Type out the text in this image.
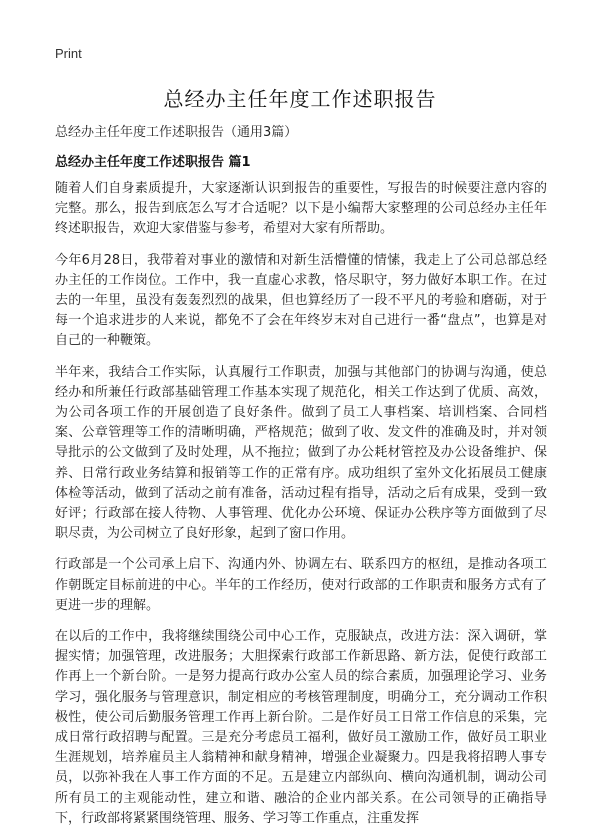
Print
总经办主任年度工作述职报告
总经办主任年度工作述职报告（通用3篇）
总经办主任年度工作述职报告 篇1

随着人们自身素质提升，大家逐渐认识到报告的重要性，写报告的时候要注意内容的完整。那么，报告到底怎么写才合适呢？以下是小编帮大家整理的公司总经办主任年终述职报告，欢迎大家借鉴与参考，希望对大家有所帮助。

今年6月28日，我带着对事业的激情和对新生活懵懂的情愫，我走上了公司总部总经办主任的工作岗位。工作中，我一直虚心求教，恪尽职守，努力做好本职工作。在过去的一年里，虽没有轰轰烈烈的战果，但也算经历了一段不平凡的考验和磨砺，对于每一个追求进步的人来说，都免不了会在年终岁末对自己进行一番“盘点”，也算是对自己的一种鞭策。

半年来，我结合工作实际，认真履行工作职责，加强与其他部门的协调与沟通，使总经办和所兼任行政部基础管理工作基本实现了规范化，相关工作达到了优质、高效，为公司各项工作的开展创造了良好条件。做到了员工人事档案、培训档案、合同档案、公章管理等工作的清晰明确，严格规范；做到了收、发文件的准确及时，并对领导批示的公文做到了及时处理，从不拖拉；做到了办公耗材管控及办公设备维护、保养、日常行政业务结算和报销等工作的正常有序。成功组织了室外文化拓展员工健康体检等活动，做到了活动之前有准备，活动过程有指导，活动之后有成果，受到一致好评；行政部在接人待物、人事管理、优化办公环境、保证办公秩序等方面做到了尽职尽责，为公司树立了良好形象，起到了窗口作用。

行政部是一个公司承上启下、沟通内外、协调左右、联系四方的枢纽，是推动各项工作朝既定目标前进的中心。半年的工作经历，使对行政部的工作职责和服务方式有了更进一步的理解。

在以后的工作中，我将继续围绕公司中心工作，克服缺点，改进方法：深入调研，掌握实情；加强管理，改进服务；大胆探索行政部工作新思路、新方法，促使行政部工作再上一个新台阶。一是努力提高行政办公室人员的综合素质，加强理论学习、业务学习，强化服务与管理意识，制定相应的考核管理制度，明确分工，充分调动工作积极性，使公司后勤服务管理工作再上新台阶。二是作好员工日常工作信息的采集，完成日常行政招聘与配置。三是充分考虑员工福利，做好员工激励工作，做好员工职业生涯规划，培养雇员主人翁精神和献身精神，增强企业凝聚力。四是我将招聘人事专员，以弥补我在人事工作方面的不足。五是建立内部纵向、横向沟通机制，调动公司所有员工的主观能动性，建立和谐、融洽的企业内部关系。在公司领导的正确指导下，行政部将紧紧围绕管理、服务、学习等工作重点，注重发挥
